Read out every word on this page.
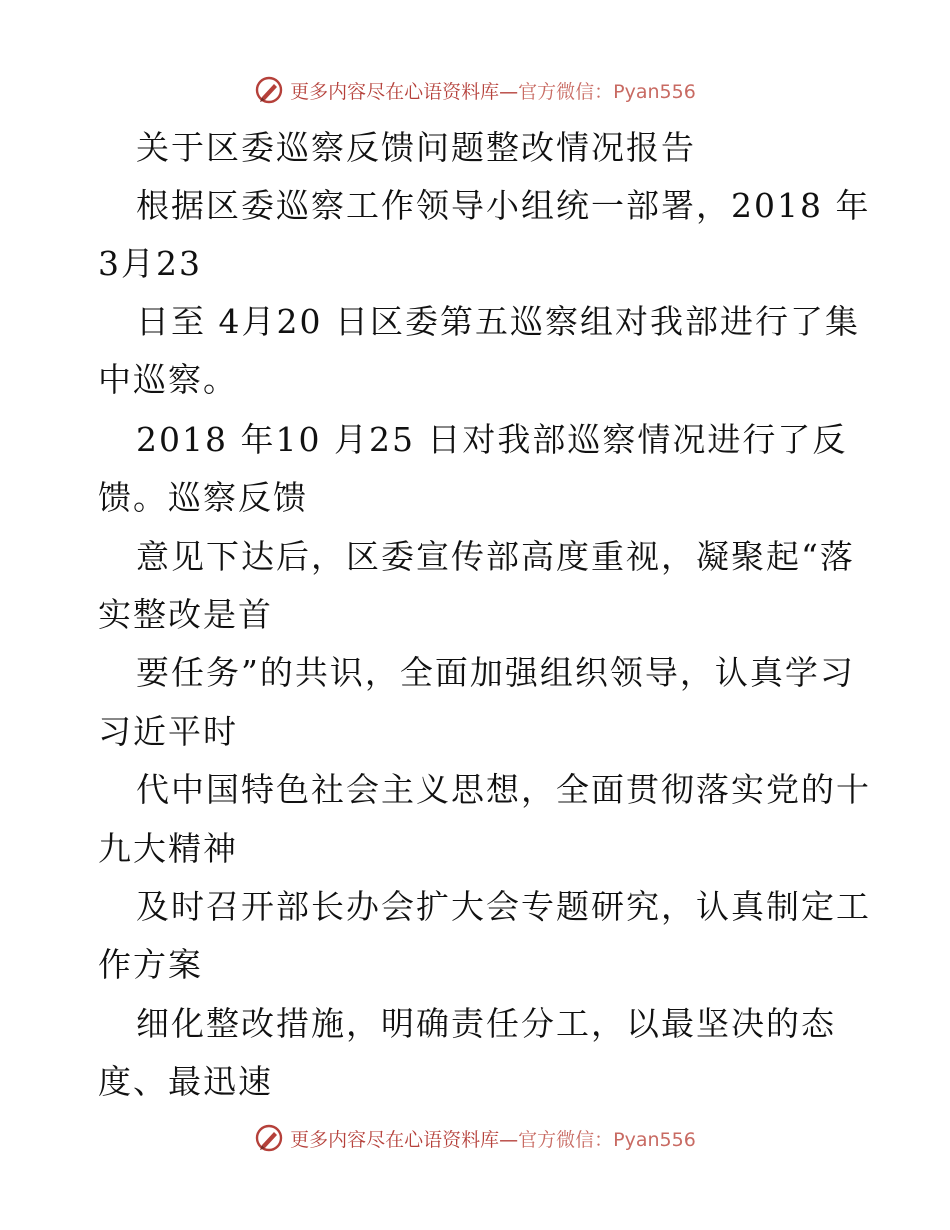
更多内容尽在心语资料库—官方微信：Pyan556
关于区委巡察反馈问题整改情况报告
根据区委巡察工作领导小组统一部署，2018 年
3月23
日至 4月20 日区委第五巡察组对我部进行了集
中巡察。
2018 年10 月25 日对我部巡察情况进行了反
馈。巡察反馈
意见下达后，区委宣传部高度重视，凝聚起“落
实整改是首
要任务”的共识，全面加强组织领导，认真学习
习近平时
代中国特色社会主义思想，全面贯彻落实党的十
九大精神
及时召开部长办会扩大会专题研究，认真制定工
作方案
细化整改措施，明确责任分工，以最坚决的态
度、最迅速
更多内容尽在心语资料库—官方微信：Pyan556
